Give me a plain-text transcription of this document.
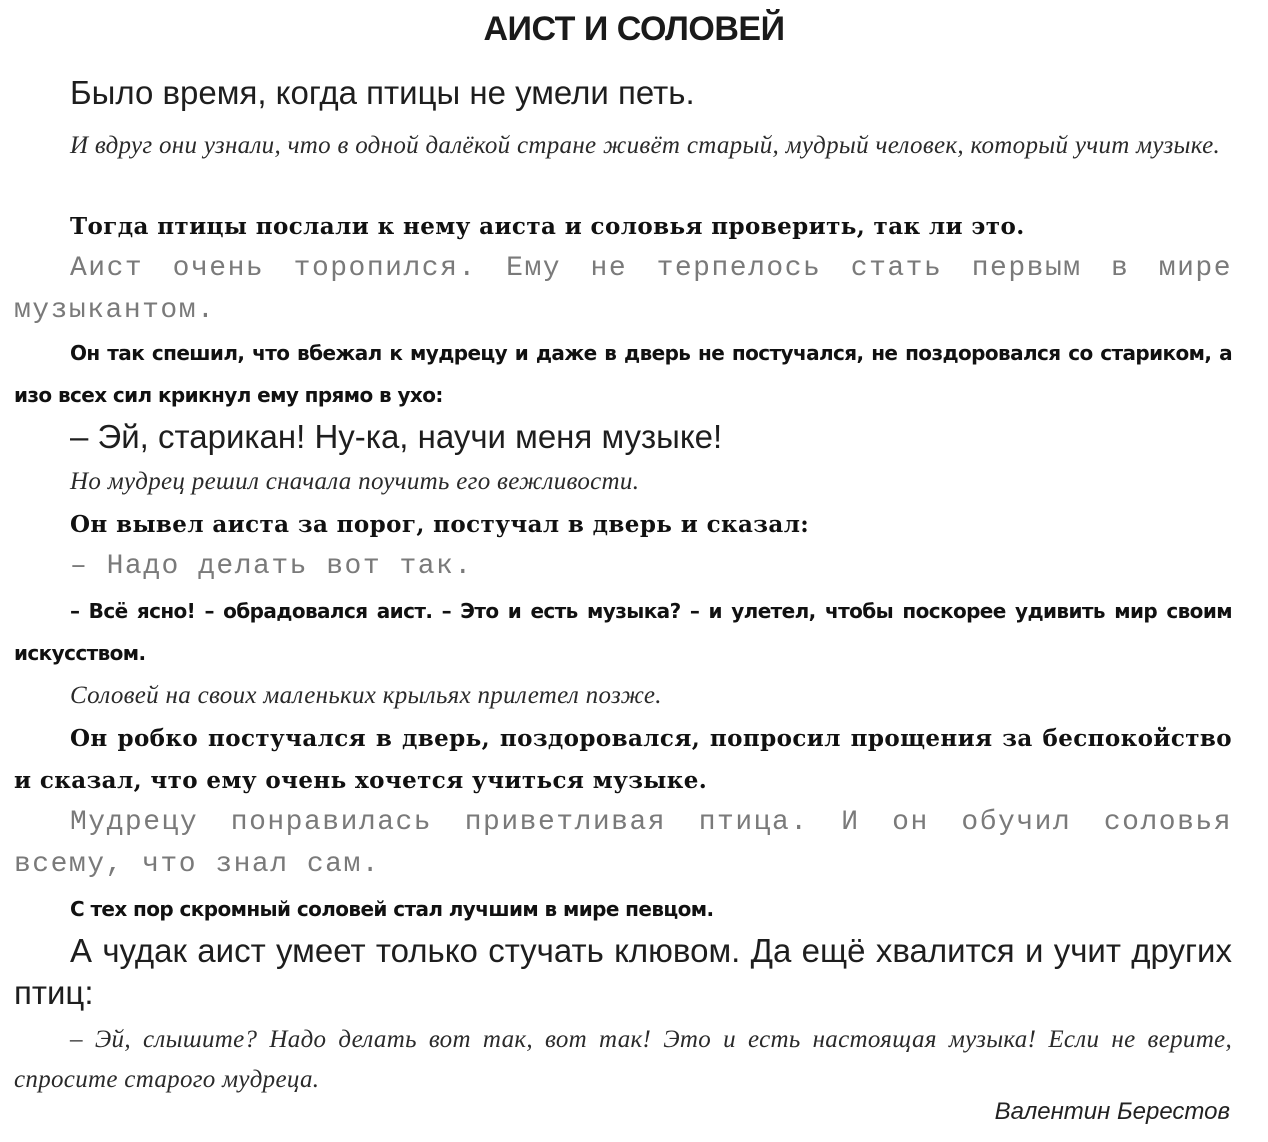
АИСТ И СОЛОВЕЙ

Было время, когда птицы не умели петь.

И вдруг они узнали, что в одной далёкой стране живёт старый, мудрый человек, который учит музыке.

Тогда птицы послали к нему аиста и соловья проверить, так ли это.

Аист очень торопился. Ему не терпелось стать первым в мире музыкантом.

Он так спешил, что вбежал к мудрецу и даже в дверь не постучался, не поздоровался со стариком, а изо всех сил крикнул ему прямо в ухо:

– Эй, старикан! Ну-ка, научи меня музыке!

Но мудрец решил сначала поучить его вежливости.

Он вывел аиста за порог, постучал в дверь и сказал:

– Надо делать вот так.

– Всё ясно! – обрадовался аист. – Это и есть музыка? – и улетел, чтобы поскорее удивить мир своим искусством.

Соловей на своих маленьких крыльях прилетел позже.

Он робко постучался в дверь, поздоровался, попросил прощения за беспокойство и сказал, что ему очень хочется учиться музыке.

Мудрецу понравилась приветливая птица. И он обучил соловья всему, что знал сам.

С тех пор скромный соловей стал лучшим в мире певцом.

А чудак аист умеет только стучать клювом. Да ещё хвалится и учит других птиц:

– Эй, слышите? Надо делать вот так, вот так! Это и есть настоящая музыка! Если не верите, спросите старого мудреца.

Валентин Берестов
